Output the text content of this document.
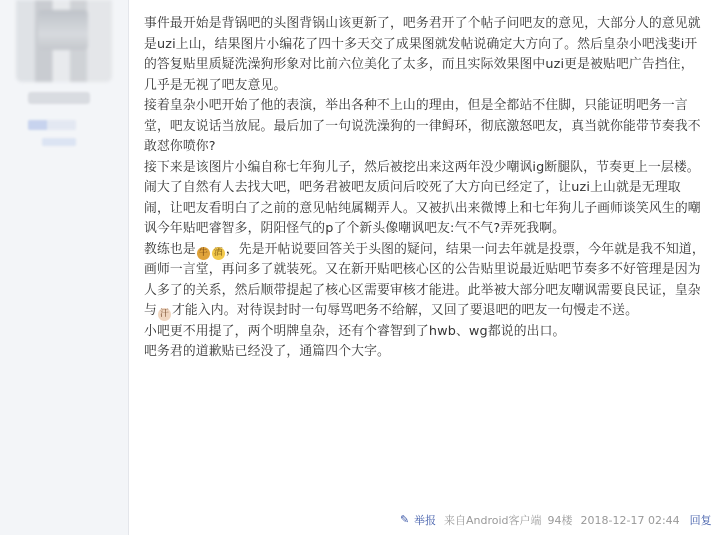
事件最开始是背锅吧的头图背锅山该更新了，吧务君开了个帖子问吧友的意见，大部分人的意见就是uzi上山，结果图片小编花了四十多天交了成果图就发帖说确定大方向了。然后皇杂小吧浅斐i开的答复贴里质疑洗澡狗形象对比前六位美化了太多，而且实际效果图中uzi更是被贴吧广告挡住，几乎是无视了吧友意见。

接着皇杂小吧开始了他的表演，举出各种不上山的理由，但是全都站不住脚，只能证明吧务一言堂，吧友说话当放屁。最后加了一句说洗澡狗的一律鲟环，彻底激怒吧友，真当就你能带节奏我不敢怼你喷你?

接下来是该图片小编自称七年狗儿子，然后被挖出来这两年没少嘲讽ig断腿队，节奏更上一层楼。

闹大了自然有人去找大吧，吧务君被吧友质问后咬死了大方向已经定了，让uzi上山就是无理取闹，让吧友看明白了之前的意见帖纯属糊弄人。又被扒出来微博上和七年狗儿子画师谈笑风生的嘲讽今年贴吧睿智多，阴阳怪气的p了个新头像嘲讽吧友:气不气?弄死我啊。

教练也是 牛 酒 ，先是开帖说要回答关于头图的疑问，结果一问去年就是投票，今年就是我不知道，画师一言堂，再问多了就装死。又在新开贴吧核心区的公告贴里说最近贴吧节奏多不好管理是因为人多了的关系，然后顺带提起了核心区需要审核才能进。此举被大部分吧友嘲讽需要良民证，皇杂与 汗 才能入内。对待误封时一句辱骂吧务不给解，又回了要退吧的吧友一句慢走不送。

小吧更不用提了，两个明牌皇杂，还有个睿智到了hwb、wg都说的出口。

吧务君的道歉贴已经没了，通篇四个大字。

✎ 举报 来自Android客户端 94楼 2018-12-17 02:44 回复
